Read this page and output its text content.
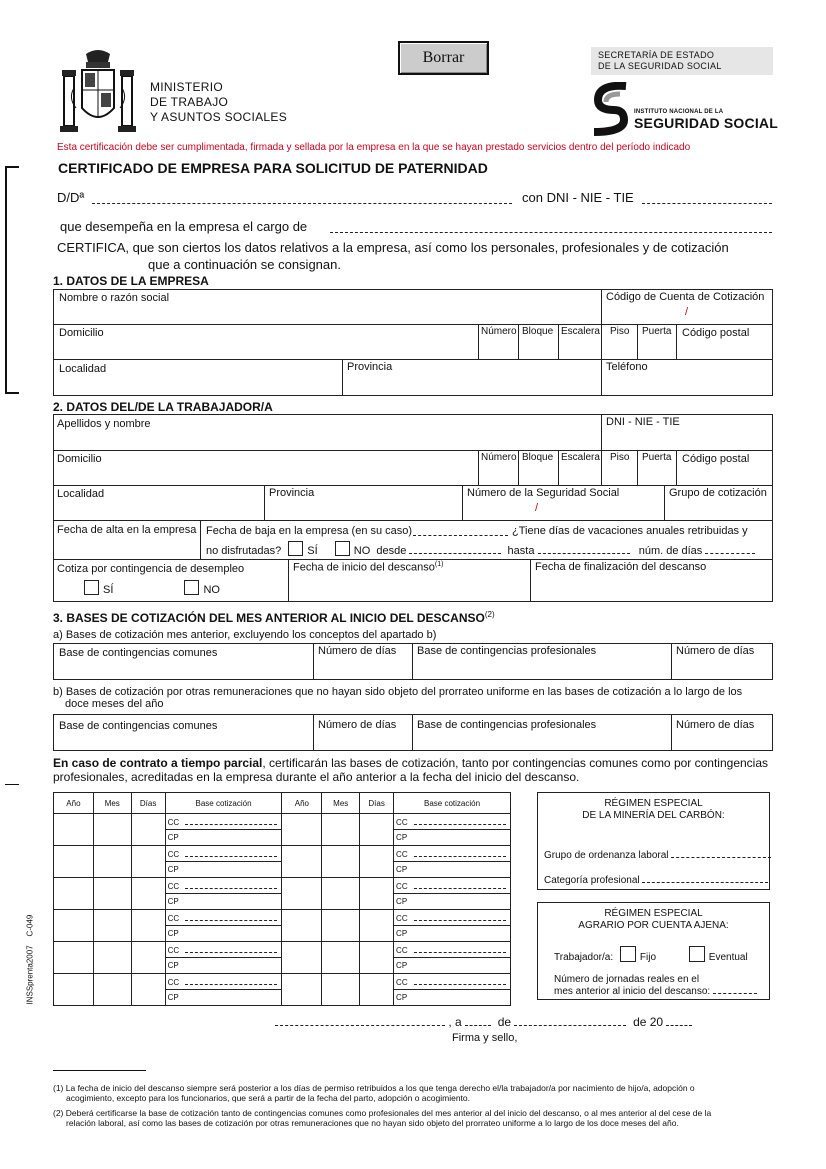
MINISTERIO
DE TRABAJO
Y ASUNTOS SOCIALES
Borrar	SECRETARÍA DE ESTADO
DE LA SEGURIDAD SOCIAL
INSTITUTO NACIONAL DE LA
SEGURIDAD SOCIAL
Esta certificación debe ser cumplimentada, firmada y sellada por la empresa en la que se hayan prestado servicios dentro del período indicado
CERTIFICADO DE EMPRESA PARA SOLICITUD DE PATERNIDAD
D/Dª	con DNI - NIE - TIE
que desempeña en la empresa el cargo de
CERTIFICA, que son ciertos los datos relativos a la empresa, así como los personales, profesionales y de cotización
que a continuación se consignan.
1. DATOS DE LA EMPRESA
Nombre o razón social	Código de Cuenta de Cotización
/
Domicilio	Número Bloque Escalera	Piso	Puerta Código postal
Localidad	Provincia	Teléfono
2. DATOS DEL/DE LA TRABAJADOR/A
Apellidos y nombre	DNI - NIE - TIE
Domicilio	Número Bloque Escalera	Piso	Puerta Código postal
Localidad	Provincia	Número de la Seguridad Social
/
Grupo de cotización
Fecha de alta en la empresa Fecha de baja en la empresa (en su caso)	¿Tiene días de vacaciones anuales retribuidas y
no disfrutadas? SÍ	NO desde	hasta	núm. de días
Cotiza por contingencia de desempleo
SÍ	NO
Fecha de inicio del descanso$^{(1)}$	Fecha de finalización del descanso
3. BASES DE COTIZACIÓN DEL MES ANTERIOR AL INICIO DEL DESCANSO$^{(2)}$
a) Bases de cotización mes anterior, excluyendo los conceptos del apartado b)
Base de contingencias comunes	Número de días	Base de contingencias profesionales	Número de días
b) Bases de cotización por otras remuneraciones que no hayan sido objeto del prorrateo uniforme en las bases de cotización a lo largo de los
doce meses del año
Base de contingencias comunes	Número de días	Base de contingencias profesionales	Número de días
En caso de contrato a tiempo parcial, certificarán las bases de cotización, tanto por contingencias comunes como por contingencias
profesionales, acreditadas en la empresa durante el año anterior a la fecha del inicio del descanso.
Año	Mes	Días	Base cotización	Año	Mes	Días	Base cotización
			CC				CC
			CP				CP
			CC				CC
			CP				CP
			CC				CC
			CP				CP
			CC				CC
			CP				CP
			CC				CC
			CP				CP
			CC				CC
			CP				CP
RÉGIMEN ESPECIAL
DE LA MINERÍA DEL CARBÓN:
Grupo de ordenanza laboral
Categoría profesional
RÉGIMEN ESPECIAL
AGRARIO POR CUENTA AJENA:
Trabajador/a:	Fijo	Eventual
Número de jornadas reales en el
mes anterior al inicio del descanso:
INSSprenta2007    C-049
, a	de	de 20
Firma y sello,
(1) La fecha de inicio del descanso siempre será posterior a los días de permiso retribuidos a los que tenga derecho el/la trabajador/a por nacimiento de hijo/a, adopción o
acogimiento, excepto para los funcionarios, que será a partir de la fecha del parto, adopción o acogimiento.
(2) Deberá certificarse la base de cotización tanto de contingencias comunes como profesionales del mes anterior al del inicio del descanso, o al mes anterior al del cese de la
relación laboral, así como las bases de cotización por otras remuneraciones que no hayan sido objeto del prorrateo uniforme a lo largo de los doce meses del año.
